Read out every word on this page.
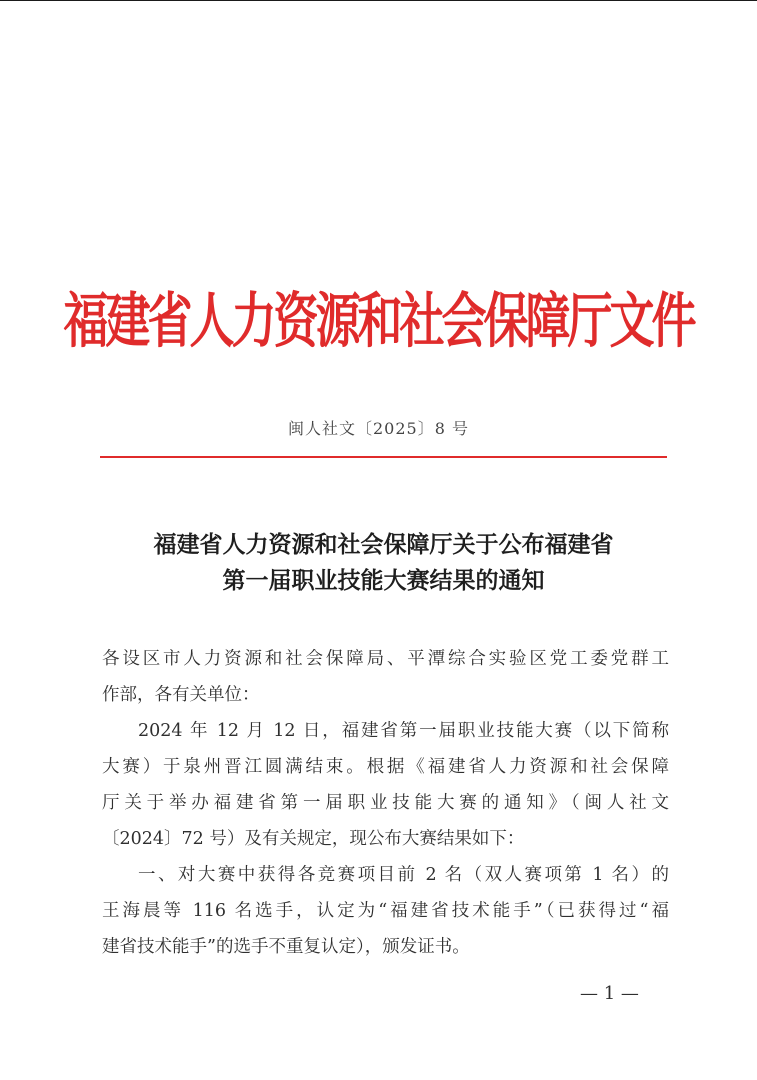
福建省人力资源和社会保障厅文件
闽人社文〔2025〕8 号
福建省人力资源和社会保障厅关于公布福建省
第一届职业技能大赛结果的通知
各设区市人力资源和社会保障局、平潭综合实验区党工委党群工
作部，各有关单位：
2024 年 12 月 12 日，福建省第一届职业技能大赛（以下简称
大赛）于泉州晋江圆满结束。根据《福建省人力资源和社会保障
厅关于举办福建省第一届职业技能大赛的通知》（闽人社文
〔2024〕72 号）及有关规定，现公布大赛结果如下：
一、对大赛中获得各竞赛项目前 2 名（双人赛项第 1 名）的
王海晨等 116 名选手，认定为“福建省技术能手”（已获得过“福
建省技术能手”的选手不重复认定），颁发证书。
— 1 —
